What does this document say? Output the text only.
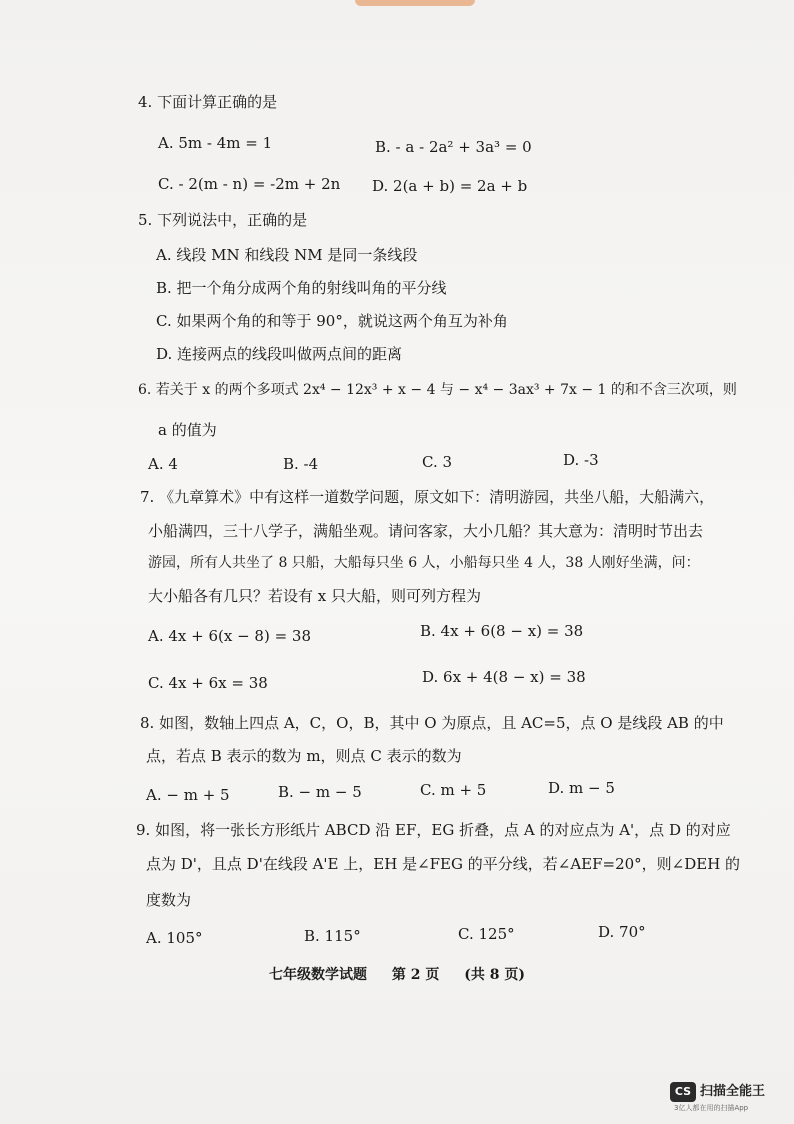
4. 下面计算正确的是
A. 5m - 4m = 1	B. - a - 2a² + 3a³ = 0
C. - 2(m - n) = -2m + 2n D. 2(a + b) = 2a + b
5. 下列说法中，正确的是
A. 线段 MN 和线段 NM 是同一条线段
B. 把一个角分成两个角的射线叫角的平分线
C. 如果两个角的和等于 90°，就说这两个角互为补角
D. 连接两点的线段叫做两点间的距离
6. 若关于 x 的两个多项式 2x⁴ − 12x³ + x − 4 与 − x⁴ − 3ax³ + 7x − 1 的和不含三次项，则
a 的值为
A. 4	B. -4	C. 3	D. -3
7. 《九章算术》中有这样一道数学问题，原文如下：清明游园，共坐八船，大船满六，
小船满四，三十八学子，满船坐观。请问客家，大小几船？其大意为：清明时节出去
游园，所有人共坐了 8 只船，大船每只坐 6 人，小船每只坐 4 人，38 人刚好坐满，问：
大小船各有几只？若设有 x 只大船，则可列方程为
A. 4x + 6(x − 8) = 38	B. 4x + 6(8 − x) = 38
C. 4x + 6x = 38	D. 6x + 4(8 − x) = 38
8. 如图，数轴上四点 A，C，O，B，其中 O 为原点，且 AC=5，点 O 是线段 AB 的中
点，若点 B 表示的数为 m，则点 C 表示的数为
A. − m + 5	B. − m − 5	C. m + 5	D. m − 5
9. 如图，将一张长方形纸片 ABCD 沿 EF，EG 折叠，点 A 的对应点为 A'，点 D 的对应
点为 D'，且点 D'在线段 A'E 上，EH 是∠FEG 的平分线，若∠AEF=20°，则∠DEH 的
度数为
A. 105°	B. 115°	C. 125°	D. 70°
七年级数学试题 第 2 页 (共 8 页)
CS 扫描全能王
3亿人都在用的扫描App
